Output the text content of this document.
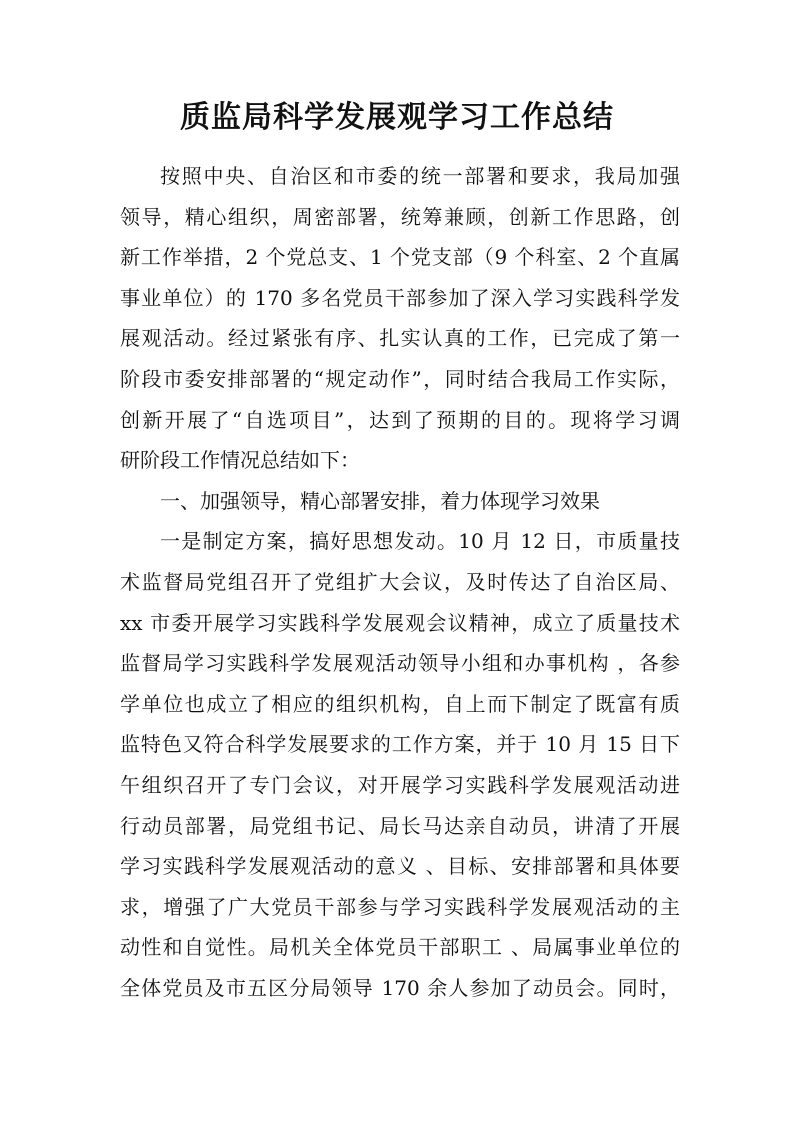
质监局科学发展观学习工作总结
按照中央、自治区和市委的统一部署和要求，我局加强
领导，精心组织，周密部署，统筹兼顾，创新工作思路，创
新工作举措，2 个党总支、1 个党支部（9 个科室、2 个直属
事业单位）的 170 多名党员干部参加了深入学习实践科学发
展观活动。经过紧张有序、扎实认真的工作，已完成了第一
阶段市委安排部署的“规定动作”，同时结合我局工作实际，
创新开展了“自选项目”，达到了预期的目的。现将学习调
研阶段工作情况总结如下：
一、加强领导，精心部署安排，着力体现学习效果
一是制定方案，搞好思想发动。10 月 12 日，市质量技
术监督局党组召开了党组扩大会议，及时传达了自治区局、
xx 市委开展学习实践科学发展观会议精神，成立了质量技术
监督局学习实践科学发展观活动领导小组和办事机构 ，各参
学单位也成立了相应的组织机构，自上而下制定了既富有质
监特色又符合科学发展要求的工作方案，并于 10 月 15 日下
午组织召开了专门会议，对开展学习实践科学发展观活动进
行动员部署，局党组书记、局长马达亲自动员，讲清了开展
学习实践科学发展观活动的意义 、目标、安排部署和具体要
求，增强了广大党员干部参与学习实践科学发展观活动的主
动性和自觉性。局机关全体党员干部职工 、局属事业单位的
全体党员及市五区分局领导 170 余人参加了动员会。同时，
